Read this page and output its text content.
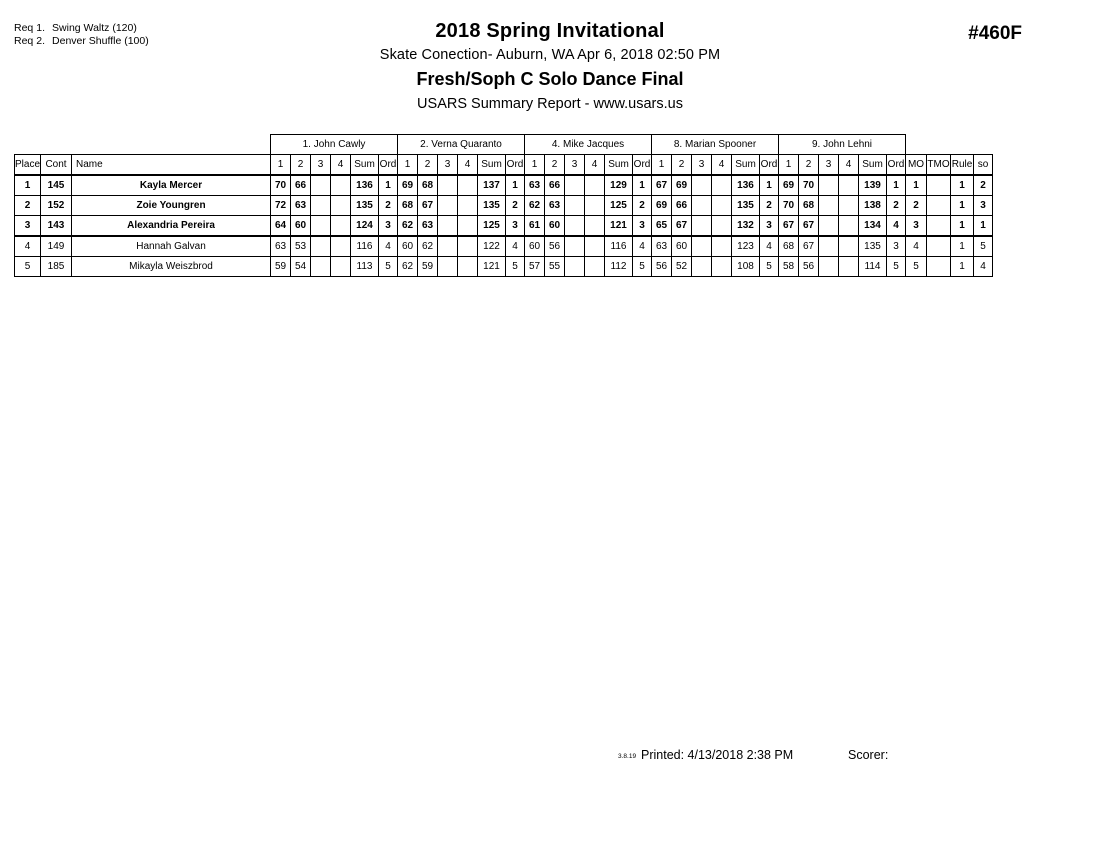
Req 1. Swing Waltz (120)
Req 2. Denver Shuffle (100)	2018 Spring Invitational
Skate Conection- Auburn, WA Apr 6, 2018 02:50 PM
Fresh/Soph C Solo Dance Final
USARS Summary Report - www.usars.us
#460F
			1. John Cawly						2. Verna Quaranto						4. Mike Jacques						8. Marian Spooner						9. John Lehni									
Place	Cont	Name	1	2	3	4	Sum	Ord	1	2	3	4	Sum	Ord	1	2	3	4	Sum	Ord	1	2	3	4	Sum	Ord	1	2	3	4	Sum	Ord	MO	TMO	Rule	so
1	145	Kayla Mercer	70	66			136	1	69	68			137	1	63	66			129	1	67	69			136	1	69	70			139	1	1		1	2
2	152	Zoie Youngren	72	63			135	2	68	67			135	2	62	63			125	2	69	66			135	2	70	68			138	2	2		1	3
3	143	Alexandria Pereira	64	60			124	3	62	63			125	3	61	60			121	3	65	67			132	3	67	67			134	4	3		1	1
4	149	Hannah Galvan	63	53			116	4	60	62			122	4	60	56			116	4	63	60			123	4	68	67			135	3	4		1	5
5	185	Mikayla Weiszbrod	59	54			113	5	62	59			121	5	57	55			112	5	56	52			108	5	58	56			114	5	5		1	4
3.8.19 Printed: 4/13/2018 2:38 PM	Scorer:
